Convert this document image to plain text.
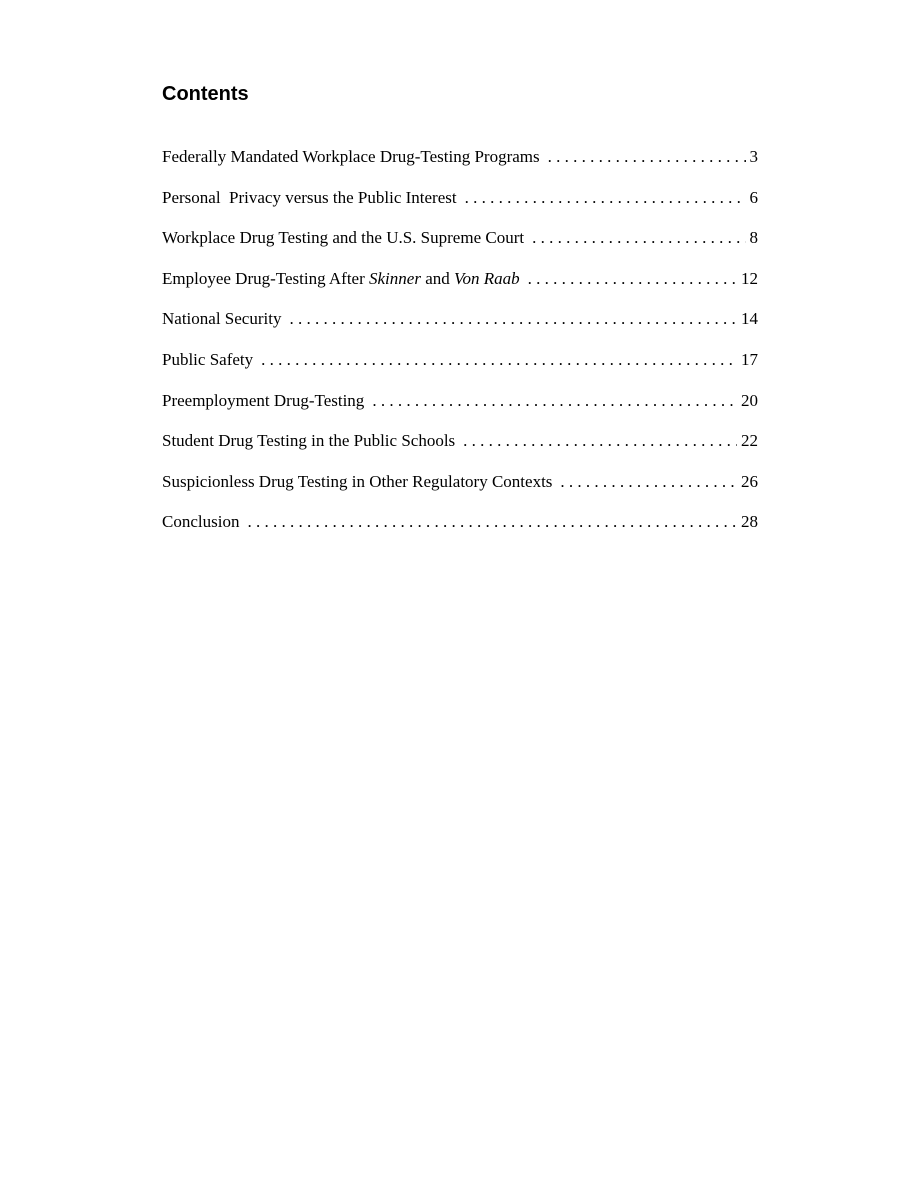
Contents
Federally Mandated Workplace Drug-Testing Programs . . .	3
Personal  Privacy versus the Public Interest . . .	6
Workplace Drug Testing and the U.S. Supreme Court . . .	8
Employee Drug-Testing After Skinner and Von Raab . . .	12
National Security . . .	14
Public Safety . . .	17
Preemployment Drug-Testing . . .	20
Student Drug Testing in the Public Schools . . .	22
Suspicionless Drug Testing in Other Regulatory Contexts . . .	26
Conclusion . . .	28
